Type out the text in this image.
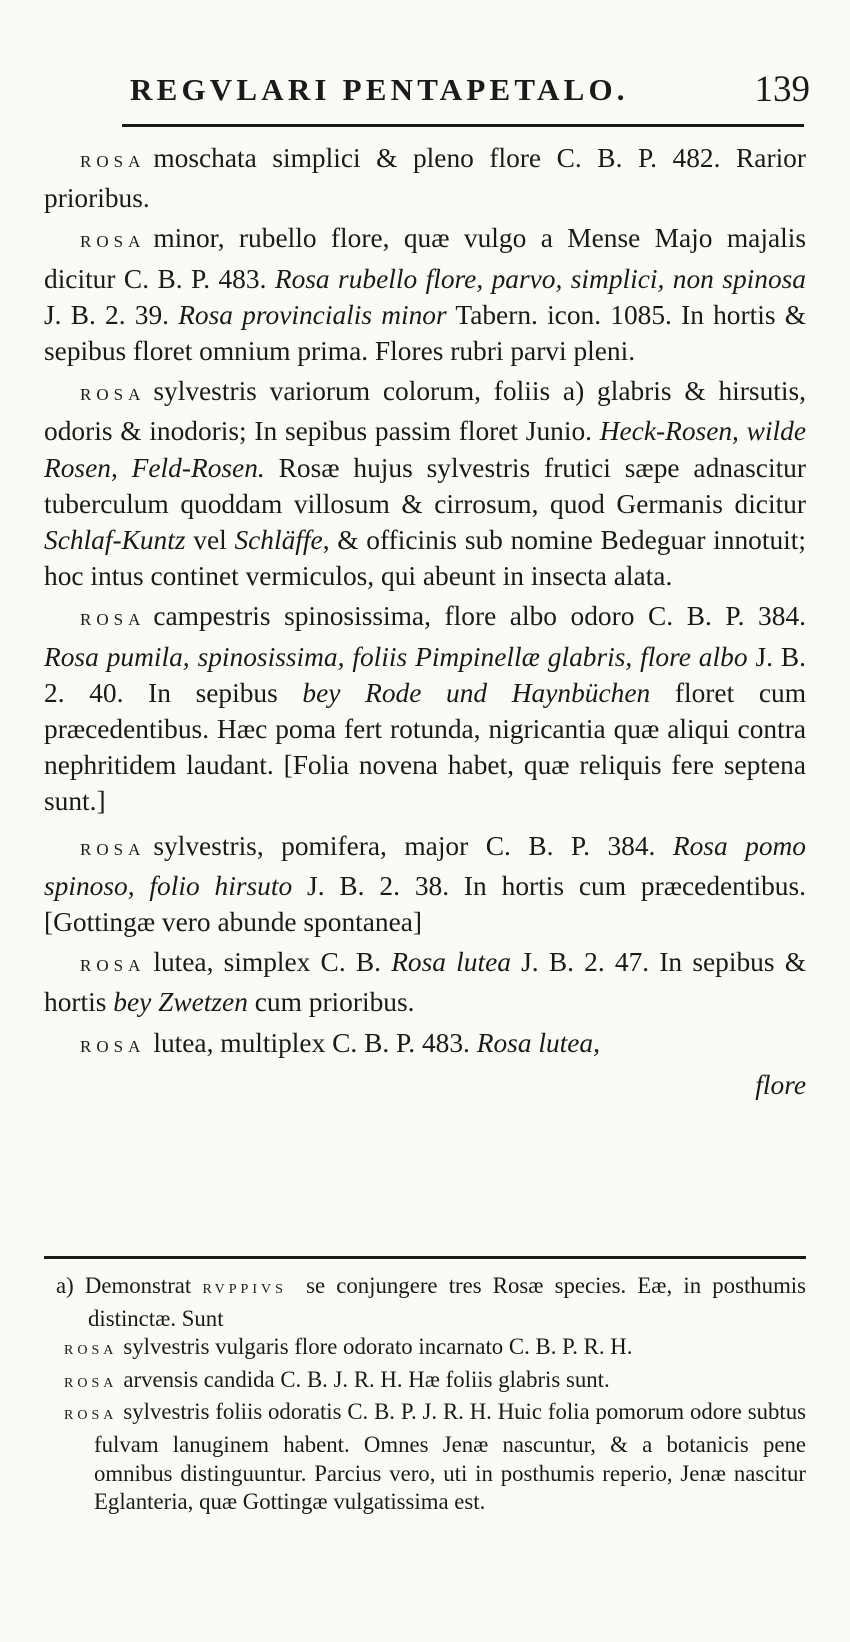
REGVLARI PENTAPETALO.	139

ROSA moschata simplici & pleno flore C. B. P. 482. Rarior prioribus.

ROSA minor, rubello flore, quæ vulgo a Mense Majo majalis dicitur C. B. P. 483. Rosa rubello flore, parvo, simplici, non spinosa J. B. 2. 39. Rosa provincialis minor Tabern. icon. 1085. In hortis & sepibus floret omnium prima. Flores rubri parvi pleni.

ROSA sylvestris variorum colorum, foliis a) glabris & hirsutis, odoris & inodoris; In sepibus passim floret Junio. Heck-Rosen, wilde Rosen, Feld-Rosen. Rosæ hujus sylvestris frutici sæpe adnascitur tuberculum quoddam villosum & cirrosum, quod Germanis dicitur Schlaf-Kuntz vel Schläffe, & officinis sub nomine Bedeguar innotuit; hoc intus continet vermiculos, qui abeunt in insecta alata.

ROSA campestris spinosissima, flore albo odoro C. B. P. 384. Rosa pumila, spinosissima, foliis Pimpinellæ glabris, flore albo J. B. 2. 40. In sepibus bey Rode und Haynbüchen floret cum præcedentibus. Hæc poma fert rotunda, nigricantia quæ aliqui contra nephritidem laudant. [Folia novena habet, quæ reliquis fere septena sunt.]

ROSA sylvestris, pomifera, major C. B. P. 384. Rosa pomo spinoso, folio hirsuto J. B. 2. 38. In hortis cum præcedentibus. [Gottingæ vero abunde spontanea]

ROSA lutea, simplex C. B. Rosa lutea J. B. 2. 47. In sepibus & hortis bey Zwetzen cum prioribus.

ROSA lutea, multiplex C. B. P. 483. Rosa lutea,

flore

a) Demonstrat RVPPIVS se conjungere tres Rosæ species. Eæ, in posthumis distinctæ. Sunt

ROSA sylvestris vulgaris flore odorato incarnato C. B. P. R. H.

ROSA arvensis candida C. B. J. R. H. Hæ foliis glabris sunt.

ROSA sylvestris foliis odoratis C. B. P. J. R. H. Huic folia pomorum odore subtus fulvam lanuginem habent. Omnes Jenæ nascuntur, & a botanicis pene omnibus distinguuntur. Parcius vero, uti in posthumis reperio, Jenæ nascitur Eglanteria, quæ Gottingæ vulgatissima est.
